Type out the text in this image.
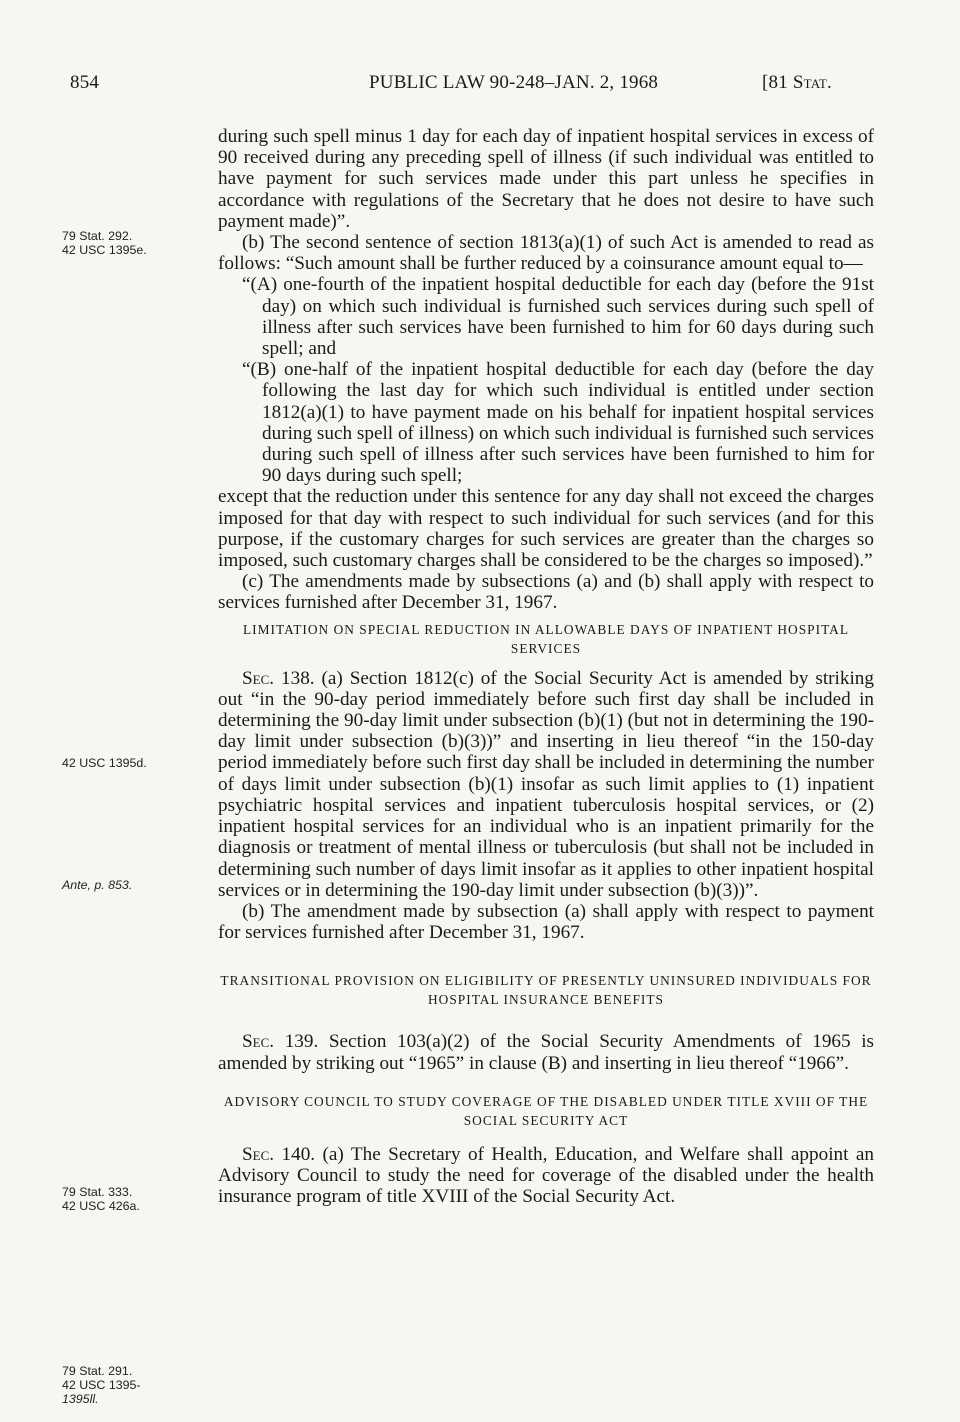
854	PUBLIC LAW 90-248–JAN. 2, 1968	[81 Stat.
79 Stat. 292.
42 USC 1395e.
42 USC 1395d.
Ante, p. 853.
79 Stat. 333.
42 USC 426a.
79 Stat. 291.
42 USC 1395-
1395ll.

during such spell minus 1 day for each day of inpatient hospital services in excess of 90 received during any preceding spell of illness (if such individual was entitled to have payment for such services made under this part unless he specifies in accordance with regulations of the Secretary that he does not desire to have such payment made)”.

(b) The second sentence of section 1813(a)(1) of such Act is amended to read as follows: “Such amount shall be further reduced by a coinsurance amount equal to—

“(A) one-fourth of the inpatient hospital deductible for each day (before the 91st day) on which such individual is furnished such services during such spell of illness after such services have been furnished to him for 60 days during such spell; and

“(B) one-half of the inpatient hospital deductible for each day (before the day following the last day for which such individual is entitled under section 1812(a)(1) to have payment made on his behalf for inpatient hospital services during such spell of illness) on which such individual is furnished such services during such spell of illness after such services have been furnished to him for 90 days during such spell;

except that the reduction under this sentence for any day shall not exceed the charges imposed for that day with respect to such individual for such services (and for this purpose, if the customary charges for such services are greater than the charges so imposed, such customary charges shall be considered to be the charges so imposed).”

(c) The amendments made by subsections (a) and (b) shall apply with respect to services furnished after December 31, 1967.

LIMITATION ON SPECIAL REDUCTION IN ALLOWABLE DAYS OF INPATIENT HOSPITAL SERVICES

Sec. 138. (a) Section 1812(c) of the Social Security Act is amended by striking out “in the 90-day period immediately before such first day shall be included in determining the 90-day limit under subsection (b)(1) (but not in determining the 190-day limit under subsection (b)(3))” and inserting in lieu thereof “in the 150-day period immediately before such first day shall be included in determining the number of days limit under subsection (b)(1) insofar as such limit applies to (1) inpatient psychiatric hospital services and inpatient tuberculosis hospital services, or (2) inpatient hospital services for an individual who is an inpatient primarily for the diagnosis or treatment of mental illness or tuberculosis (but shall not be included in determining such number of days limit insofar as it applies to other inpatient hospital services or in determining the 190-day limit under subsection (b)(3))”.

(b) The amendment made by subsection (a) shall apply with respect to payment for services furnished after December 31, 1967.

TRANSITIONAL PROVISION ON ELIGIBILITY OF PRESENTLY UNINSURED INDIVIDUALS FOR HOSPITAL INSURANCE BENEFITS

Sec. 139. Section 103(a)(2) of the Social Security Amendments of 1965 is amended by striking out “1965” in clause (B) and inserting in lieu thereof “1966”.

ADVISORY COUNCIL TO STUDY COVERAGE OF THE DISABLED UNDER TITLE XVIII OF THE SOCIAL SECURITY ACT

Sec. 140. (a) The Secretary of Health, Education, and Welfare shall appoint an Advisory Council to study the need for coverage of the disabled under the health insurance program of title XVIII of the Social Security Act.
